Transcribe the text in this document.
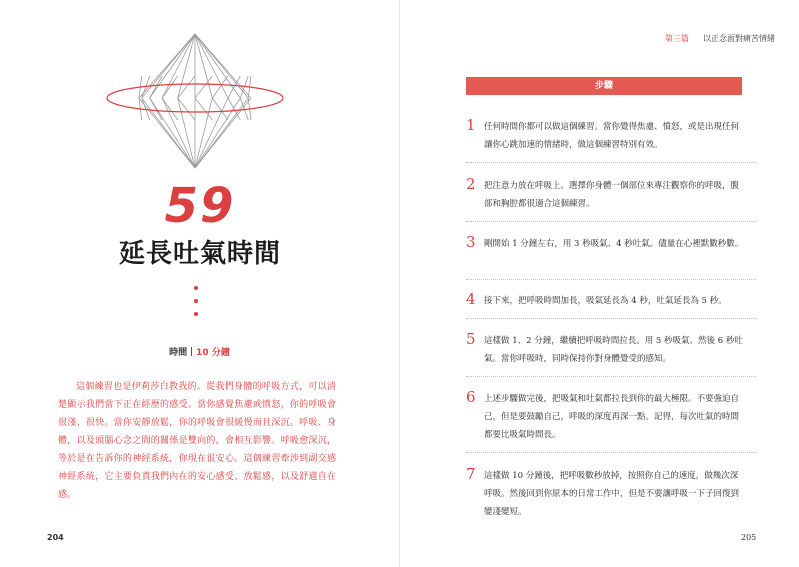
59
延長吐氣時間
時間 10 分鐘

這個練習也是伊莉莎白教我的。從我們身體的呼吸方式，可以清楚顯示我們當下正在經歷的感受。當你感覺焦慮或憤怒，你的呼吸會很淺、很快。當你安靜放鬆，你的呼吸會很緩慢而且深沉。呼吸、身體，以及頭腦心念之間的關係是雙向的，會相互影響。呼吸愈深沉，等於是在告訴你的神經系統，你現在很安心。這個練習牽涉到副交感神經系統，它主要負責我們內在的安心感受、放鬆感，以及舒適自在感。

204
第三篇 以正念面對痛苦情緒
步驟
1 任何時間你都可以做這個練習。當你覺得焦慮、憤怒，或是出現任何讓你心跳加速的情緒時，做這個練習特別有效。

2 把注意力放在呼吸上。選擇你身體一個部位來專注觀察你的呼吸，腹部和胸腔都很適合這個練習。

3 剛開始 1 分鐘左右，用 3 秒吸氣、4 秒吐氣。儘量在心裡默數秒數。

4 接下來，把呼吸時間加長，吸氣延長為 4 秒，吐氣延長為 5 秒。

5 這樣做 1、2 分鐘，繼續把呼吸時間拉長。用 5 秒吸氣、然後 6 秒吐氣。當你呼吸時，同時保持你對身體覺受的感知。

6 上述步驟做完後，把吸氣和吐氣都拉長到你的最大極限。不要強迫自己，但是要鼓勵自己，呼吸的深度再深一點。記得，每次吐氣的時間都要比吸氣時間長。

7 這樣做 10 分鐘後，把呼吸數秒放掉，按照你自己的速度，做幾次深呼吸。然後回到你原本的日常工作中，但是不要讓呼吸一下子回復到變淺變短。

205
